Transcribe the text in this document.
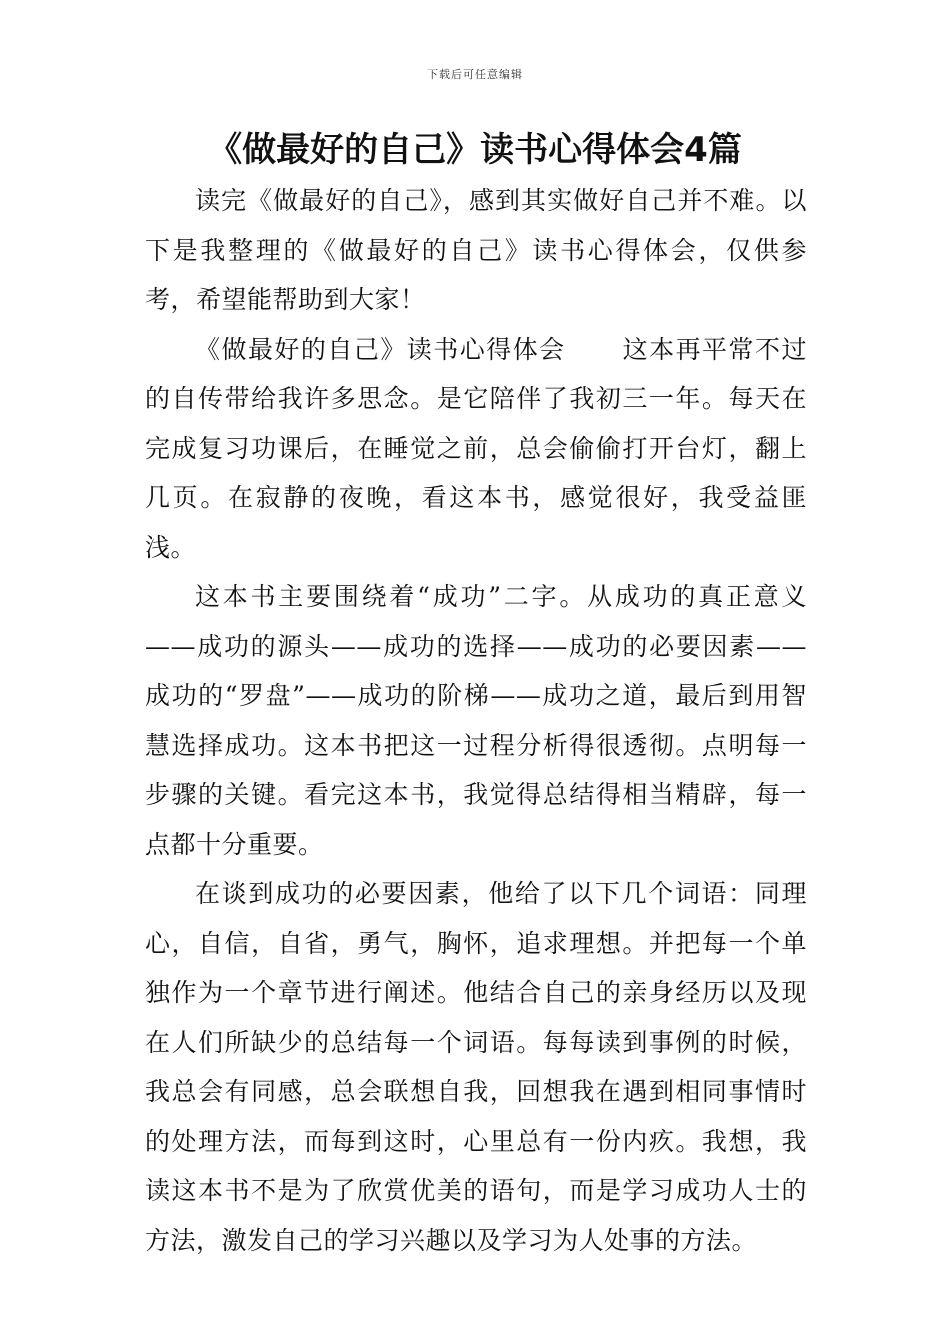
下载后可任意编辑
《做最好的自己》读书心得体会4篇

读完《做最好的自己》，感到其实做好自己并不难。以下是我整理的《做最好的自己》读书心得体会，仅供参考，希望能帮助到大家！

《做最好的自己》读书心得体会 这本再平常不过的自传带给我许多思念。是它陪伴了我初三一年。每天在完成复习功课后，在睡觉之前，总会偷偷打开台灯，翻上几页。在寂静的夜晚，看这本书，感觉很好，我受益匪浅。

这本书主要围绕着“成功”二字。从成功的真正意义——成功的源头——成功的选择——成功的必要因素——成功的“罗盘”——成功的阶梯——成功之道，最后到用智慧选择成功。这本书把这一过程分析得很透彻。点明每一步骤的关键。看完这本书，我觉得总结得相当精辟，每一点都十分重要。

在谈到成功的必要因素，他给了以下几个词语：同理心，自信，自省，勇气，胸怀，追求理想。并把每一个单独作为一个章节进行阐述。他结合自己的亲身经历以及现在人们所缺少的总结每一个词语。每每读到事例的时候，我总会有同感，总会联想自我，回想我在遇到相同事情时的处理方法，而每到这时，心里总有一份内疚。我想，我读这本书不是为了欣赏优美的语句，而是学习成功人士的方法，激发自己的学习兴趣以及学习为人处事的方法。
